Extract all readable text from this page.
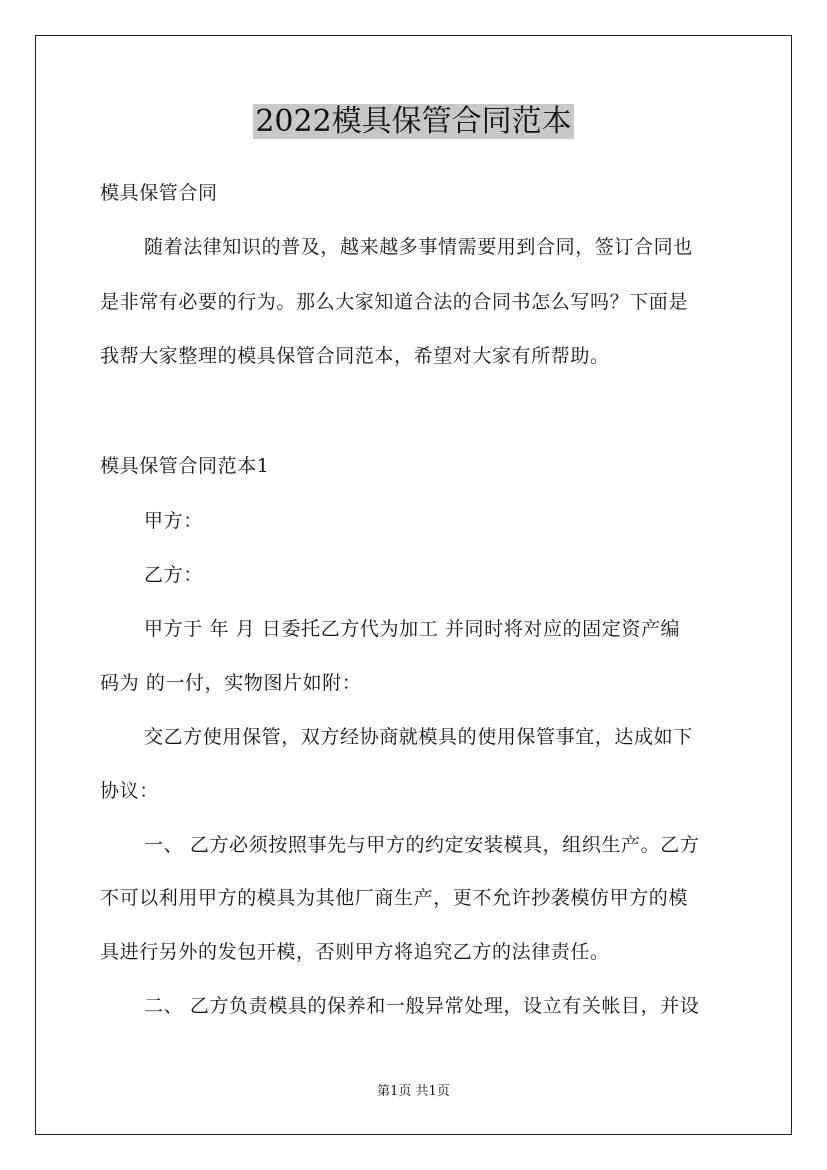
2022模具保管合同范本
模具保管合同
随着法律知识的普及，越来越多事情需要用到合同，签订合同也
是非常有必要的行为。那么大家知道合法的合同书怎么写吗？下面是
我帮大家整理的模具保管合同范本，希望对大家有所帮助。
模具保管合同范本1
甲方：
乙方：
甲方于 年 月 日委托乙方代为加工 并同时将对应的固定资产编
码为 的一付，实物图片如附：
交乙方使用保管，双方经协商就模具的使用保管事宜，达成如下
协议：
一、 乙方必须按照事先与甲方的约定安装模具，组织生产。乙方
不可以利用甲方的模具为其他厂商生产，更不允许抄袭模仿甲方的模
具进行另外的发包开模，否则甲方将追究乙方的法律责任。
二、 乙方负责模具的保养和一般异常处理，设立有关帐目，并设
第1页 共1页
